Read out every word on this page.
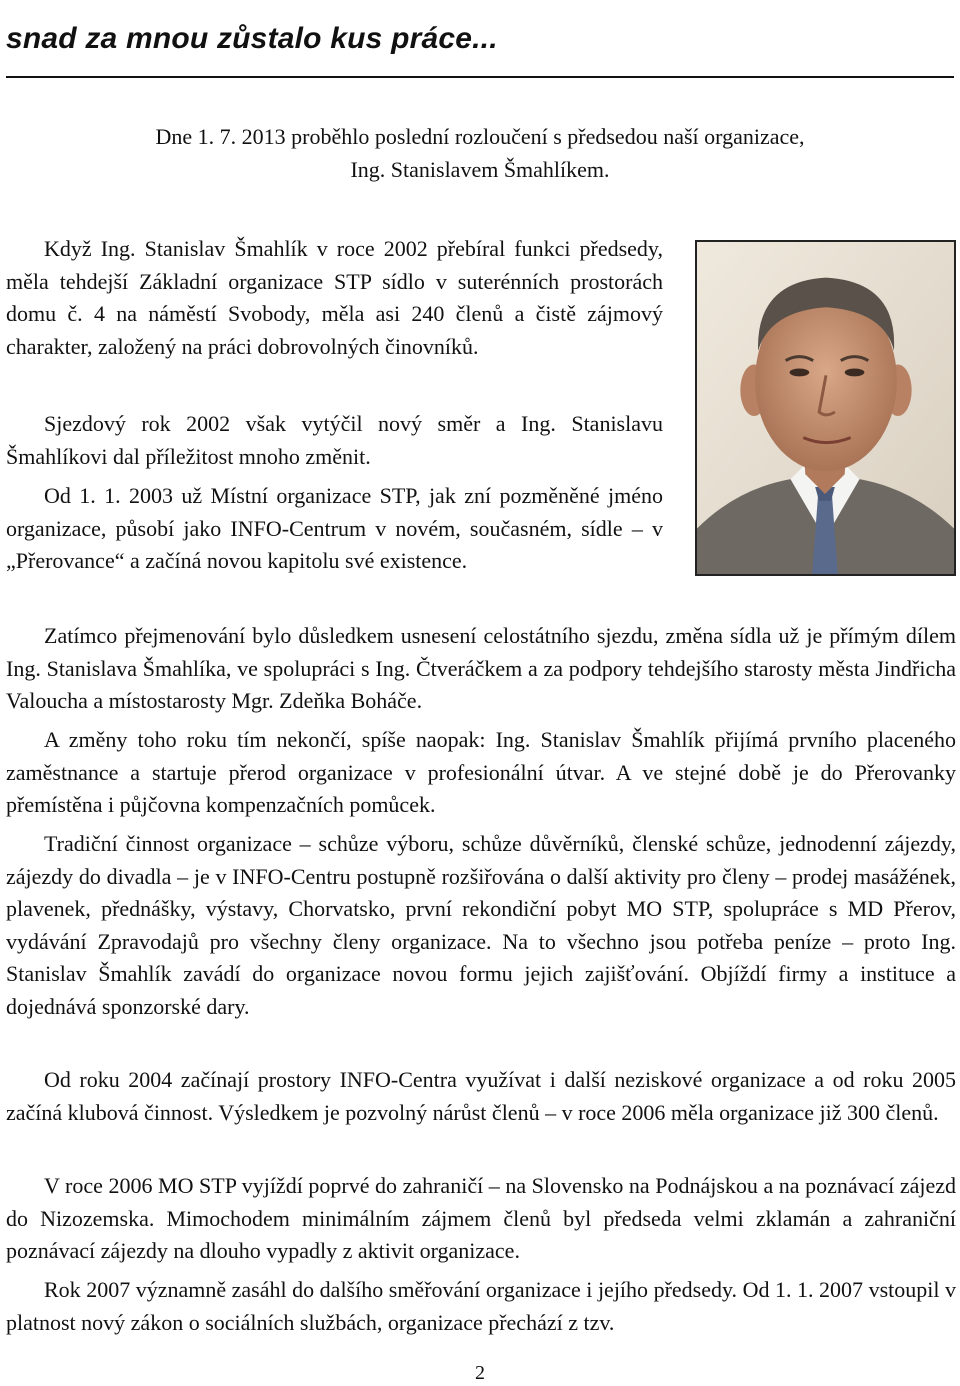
snad za mnou zůstalo kus práce...
Dne 1. 7. 2013 proběhlo poslední rozloučení s předsedou naší organizace,
Ing. Stanislavem Šmahlíkem.

Když Ing. Stanislav Šmahlík v roce 2002 přebíral funkci předsedy, měla tehdejší Základní organizace STP sídlo v suterénních prostorách domu č. 4 na náměstí Svobody, měla asi 240 členů a čistě zájmový charakter, založený na práci dobrovolných činovníků.

Sjezdový rok 2002 však vytýčil nový směr a Ing. Stanislavu Šmahlíkovi dal příležitost mnoho změnit.

Od 1. 1. 2003 už Místní organizace STP, jak zní pozměněné jméno organizace, působí jako INFO-Centrum v novém, současném, sídle – v „Přerovance“ a začíná novou kapitolu své existence.

Zatímco přejmenování bylo důsledkem usnesení celostátního sjezdu, změna sídla už je přímým dílem Ing. Stanislava Šmahlíka, ve spolupráci s Ing. Čtveráčkem a za podpory tehdejšího starosty města Jindřicha Valoucha a místostarosty Mgr. Zdeňka Boháče.

A změny toho roku tím nekončí, spíše naopak: Ing. Stanislav Šmahlík přijímá prvního placeného zaměstnance a startuje přerod organizace v profesionální útvar. A ve stejné době je do Přerovanky přemístěna i půjčovna kompenzačních pomůcek.

Tradiční činnost organizace – schůze výboru, schůze důvěrníků, členské schůze, jednodenní zájezdy, zájezdy do divadla – je v INFO-Centru postupně rozšiřována o další aktivity pro členy – prodej masážének, plavenek, přednášky, výstavy, Chorvatsko, první rekondiční pobyt MO STP, spolupráce s MD Přerov, vydávání Zpravodajů pro všechny členy organizace. Na to všechno jsou potřeba peníze – proto Ing. Stanislav Šmahlík zavádí do organizace novou formu jejich zajišťování. Objíždí firmy a instituce a dojednává sponzorské dary.

Od roku 2004 začínají prostory INFO-Centra využívat i další neziskové organizace a od roku 2005 začíná klubová činnost. Výsledkem je pozvolný nárůst členů – v roce 2006 měla organizace již 300 členů.

V roce 2006 MO STP vyjíždí poprvé do zahraničí – na Slovensko na Podnájskou a na poznávací zájezd do Nizozemska. Mimochodem minimálním zájmem členů byl předseda velmi zklamán a zahraniční poznávací zájezdy na dlouho vypadly z aktivit organizace.

Rok 2007 významně zasáhl do dalšího směřování organizace i jejího předsedy. Od 1. 1. 2007 vstoupil v platnost nový zákon o sociálních službách, organizace přechází z tzv.

2
